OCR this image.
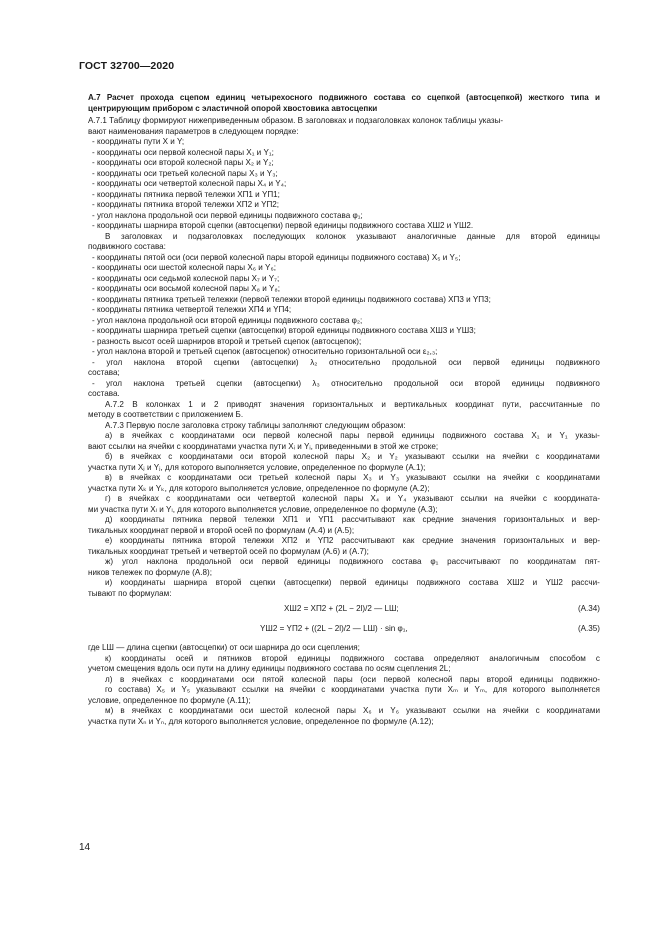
ГОСТ 32700—2020
А.7 Расчет прохода сцепом единиц четырехосного подвижного состава со сцепкой (автосцепкой) жесткого типа и центрирующим прибором с эластичной опорой хвостовика автосцепки
А.7.1 Таблицу формируют нижеприведенным образом. В заголовках и подзаголовках колонок таблицы указы-
вают наименования параметров в следующем порядке:
- координаты пути X и Y;
- координаты оси первой колесной пары X₁ и Y₁;
- координаты оси второй колесной пары X₂ и Y₂;
- координаты оси третьей колесной пары X₃ и Y₃;
- координаты оси четвертой колесной пары X₄ и Y₄;
- координаты пятника первой тележки XП1 и YП1;
- координаты пятника второй тележки XП2 и YП2;
- угол наклона продольной оси первой единицы подвижного состава φ₁;
- координаты шарнира второй сцепки (автосцепки) первой единицы подвижного состава XШ2 и YШ2.
В заголовках и подзаголовках последующих колонок указывают аналогичные данные для второй единицы
подвижного состава:
- координаты пятой оси (оси первой колесной пары второй единицы подвижного состава) X₅ и Y₅;
- координаты оси шестой колесной пары X₆ и Y₆;
- координаты оси седьмой колесной пары X₇ и Y₇;
- координаты оси восьмой колесной пары X₈ и Y₈;
- координаты пятника третьей тележки (первой тележки второй единицы подвижного состава) XП3 и YП3;
- координаты пятника четвертой тележки XП4 и YП4;
- угол наклона продольной оси второй единицы подвижного состава φ₂;
- координаты шарнира третьей сцепки (автосцепки) второй единицы подвижного состава XШ3 и YШ3;
- разность высот осей шарниров второй и третьей сцепок (автосцепок);
- угол наклона второй и третьей сцепок (автосцепок) относительно горизонтальной оси ε₂,₃;
- угол наклона второй сцепки (автосцепки) λ₂ относительно продольной оси первой единицы подвижного
состава;
- угол наклона третьей сцепки (автосцепки) λ₃ относительно продольной оси второй единицы подвижного
состава.
А.7.2 В колонках 1 и 2 приводят значения горизонтальных и вертикальных координат пути, рассчитанные по
методу в соответствии с приложением Б.
А.7.3 Первую после заголовка строку таблицы заполняют следующим образом:
а) в ячейках с координатами оси первой колесной пары первой единицы подвижного состава X₁ и Y₁ указы-
вают ссылки на ячейки с координатами участка пути Xᵢ и Yᵢ, приведенными в этой же строке;
б) в ячейках с координатами оси второй колесной пары X₂ и Y₂ указывают ссылки на ячейки с координатами
участка пути Xⱼ и Yⱼ, для которого выполняется условие, определенное по формуле (А.1);
в) в ячейках с координатами оси третьей колесной пары X₃ и Y₃ указывают ссылки на ячейки с координатами
участка пути Xₖ и Yₖ, для которого выполняется условие, определенное по формуле (А.2);
г) в ячейках с координатами оси четвертой колесной пары X₄ и Y₄ указывают ссылки на ячейки с координата-
ми участка пути Xₗ и Yₗ, для которого выполняется условие, определенное по формуле (А.3);
д) координаты пятника первой тележки XП1 и YП1 рассчитывают как средние значения горизонтальных и вер-
тикальных координат первой и второй осей по формулам (А.4) и (А.5);
е) координаты пятника второй тележки XП2 и YП2 рассчитывают как средние значения горизонтальных и вер-
тикальных координат третьей и четвертой осей по формулам (А.6) и (А.7);
ж) угол наклона продольной оси первой единицы подвижного состава φ₁ рассчитывают по координатам пят-
ников тележек по формуле (А.8);
и) координаты шарнира второй сцепки (автосцепки) первой единицы подвижного состава XШ2 и YШ2 рассчи-
тывают по формулам:
XШ2 = XП2 + (2L − 2l)/2 — LШ;	(А.34)
YШ2 = YП2 + ((2L − 2l)/2 — LШ) · sin φ₁,	(А.35)
где LШ — длина сцепки (автосцепки) от оси шарнира до оси сцепления;
к) координаты осей и пятников второй единицы подвижного состава определяют аналогичным способом с
учетом смещения вдоль оси пути на длину единицы подвижного состава по осям сцепления 2L;
л) в ячейках с координатами оси пятой колесной пары (оси первой колесной пары второй единицы подвижно-
го состава) X₅ и Y₅ указывают ссылки на ячейки с координатами участка пути Xₘ и Yₘ, для которого выполняется
условие, определенное по формуле (А.11);
м) в ячейках с координатами оси шестой колесной пары X₆ и Y₆ указывают ссылки на ячейки с координатами
участка пути Xₙ и Yₙ, для которого выполняется условие, определенное по формуле (А.12);
14
